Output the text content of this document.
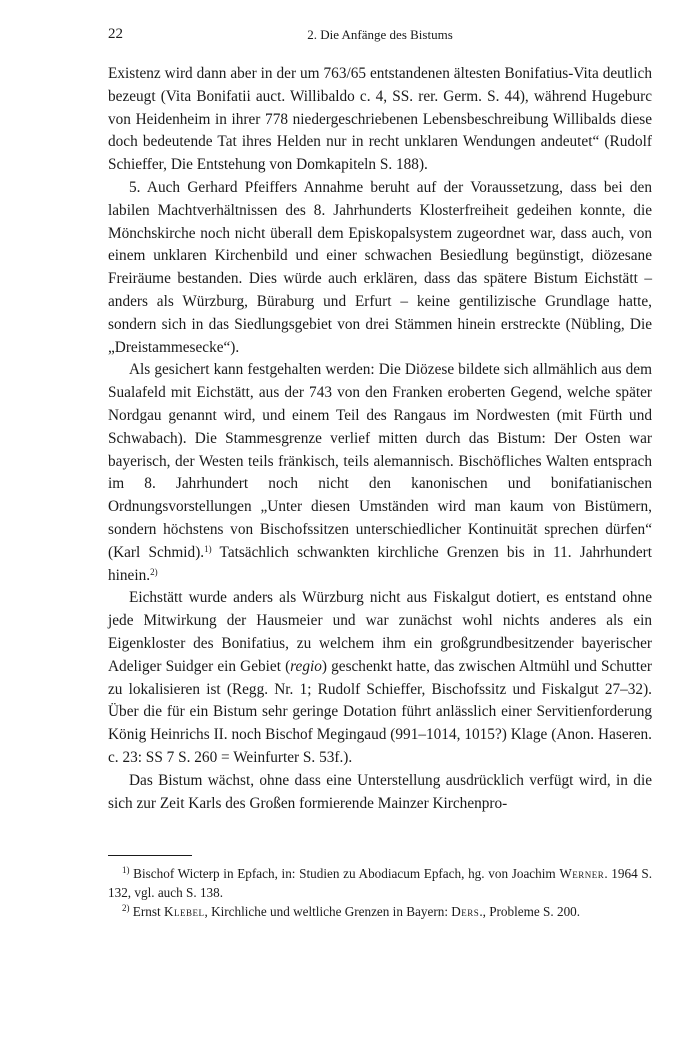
22	2. Die Anfänge des Bistums

Existenz wird dann aber in der um 763/65 entstandenen ältesten Bonifatius-Vita deutlich bezeugt (Vita Bonifatii auct. Willibaldo c. 4, SS. rer. Germ. S. 44), während Hugeburc von Heidenheim in ihrer 778 niedergeschriebenen Lebensbeschreibung Willibalds diese doch bedeutende Tat ihres Helden nur in recht unklaren Wendungen andeutet“ (Rudolf Schieffer, Die Entstehung von Domkapiteln S. 188).

5. Auch Gerhard Pfeiffers Annahme beruht auf der Voraussetzung, dass bei den labilen Machtverhältnissen des 8. Jahrhunderts Klosterfreiheit gedeihen konnte, die Mönchskirche noch nicht überall dem Episkopalsystem zugeordnet war, dass auch, von einem unklaren Kirchenbild und einer schwachen Besiedlung begünstigt, diözesane Freiräume bestanden. Dies würde auch erklären, dass das spätere Bistum Eichstätt – anders als Würzburg, Büraburg und Erfurt – keine gentilizische Grundlage hatte, sondern sich in das Siedlungsgebiet von drei Stämmen hinein erstreckte (Nübling, Die „Dreistammesecke“).

Als gesichert kann festgehalten werden: Die Diözese bildete sich allmählich aus dem Sualafeld mit Eichstätt, aus der 743 von den Franken eroberten Gegend, welche später Nordgau genannt wird, und einem Teil des Rangaus im Nordwesten (mit Fürth und Schwabach). Die Stammesgrenze verlief mitten durch das Bistum: Der Osten war bayerisch, der Westen teils fränkisch, teils alemannisch. Bischöfliches Walten entsprach im 8. Jahrhundert noch nicht den kanonischen und bonifatianischen Ordnungsvorstellungen „Unter diesen Umständen wird man kaum von Bistümern, sondern höchstens von Bischofssitzen unterschiedlicher Kontinuität sprechen dürfen“ (Karl Schmid).$^{1)}$ Tatsächlich schwankten kirchliche Grenzen bis in 11. Jahrhundert hinein.$^{2)}$

Eichstätt wurde anders als Würzburg nicht aus Fiskalgut dotiert, es entstand ohne jede Mitwirkung der Hausmeier und war zunächst wohl nichts anderes als ein Eigenkloster des Bonifatius, zu welchem ihm ein großgrundbesitzender bayerischer Adeliger Suidger ein Gebiet (regio) geschenkt hatte, das zwischen Altmühl und Schutter zu lokalisieren ist (Regg. Nr. 1; Rudolf Schieffer, Bischofssitz und Fiskalgut 27–32). Über die für ein Bistum sehr geringe Dotation führt anlässlich einer Servitienforderung König Heinrichs II. noch Bischof Megingaud (991–1014, 1015?) Klage (Anon. Haseren. c. 23: SS 7 S. 260 = Weinfurter S. 53f.).

Das Bistum wächst, ohne dass eine Unterstellung ausdrücklich verfügt wird, in die sich zur Zeit Karls des Großen formierende Mainzer Kirchenpro-

$^{1)}$ Bischof Wicterp in Epfach, in: Studien zu Abodiacum Epfach, hg. von Joachim Werner. 1964 S. 132, vgl. auch S. 138.

$^{2)}$ Ernst Klebel, Kirchliche und weltliche Grenzen in Bayern: Ders., Probleme S. 200.
